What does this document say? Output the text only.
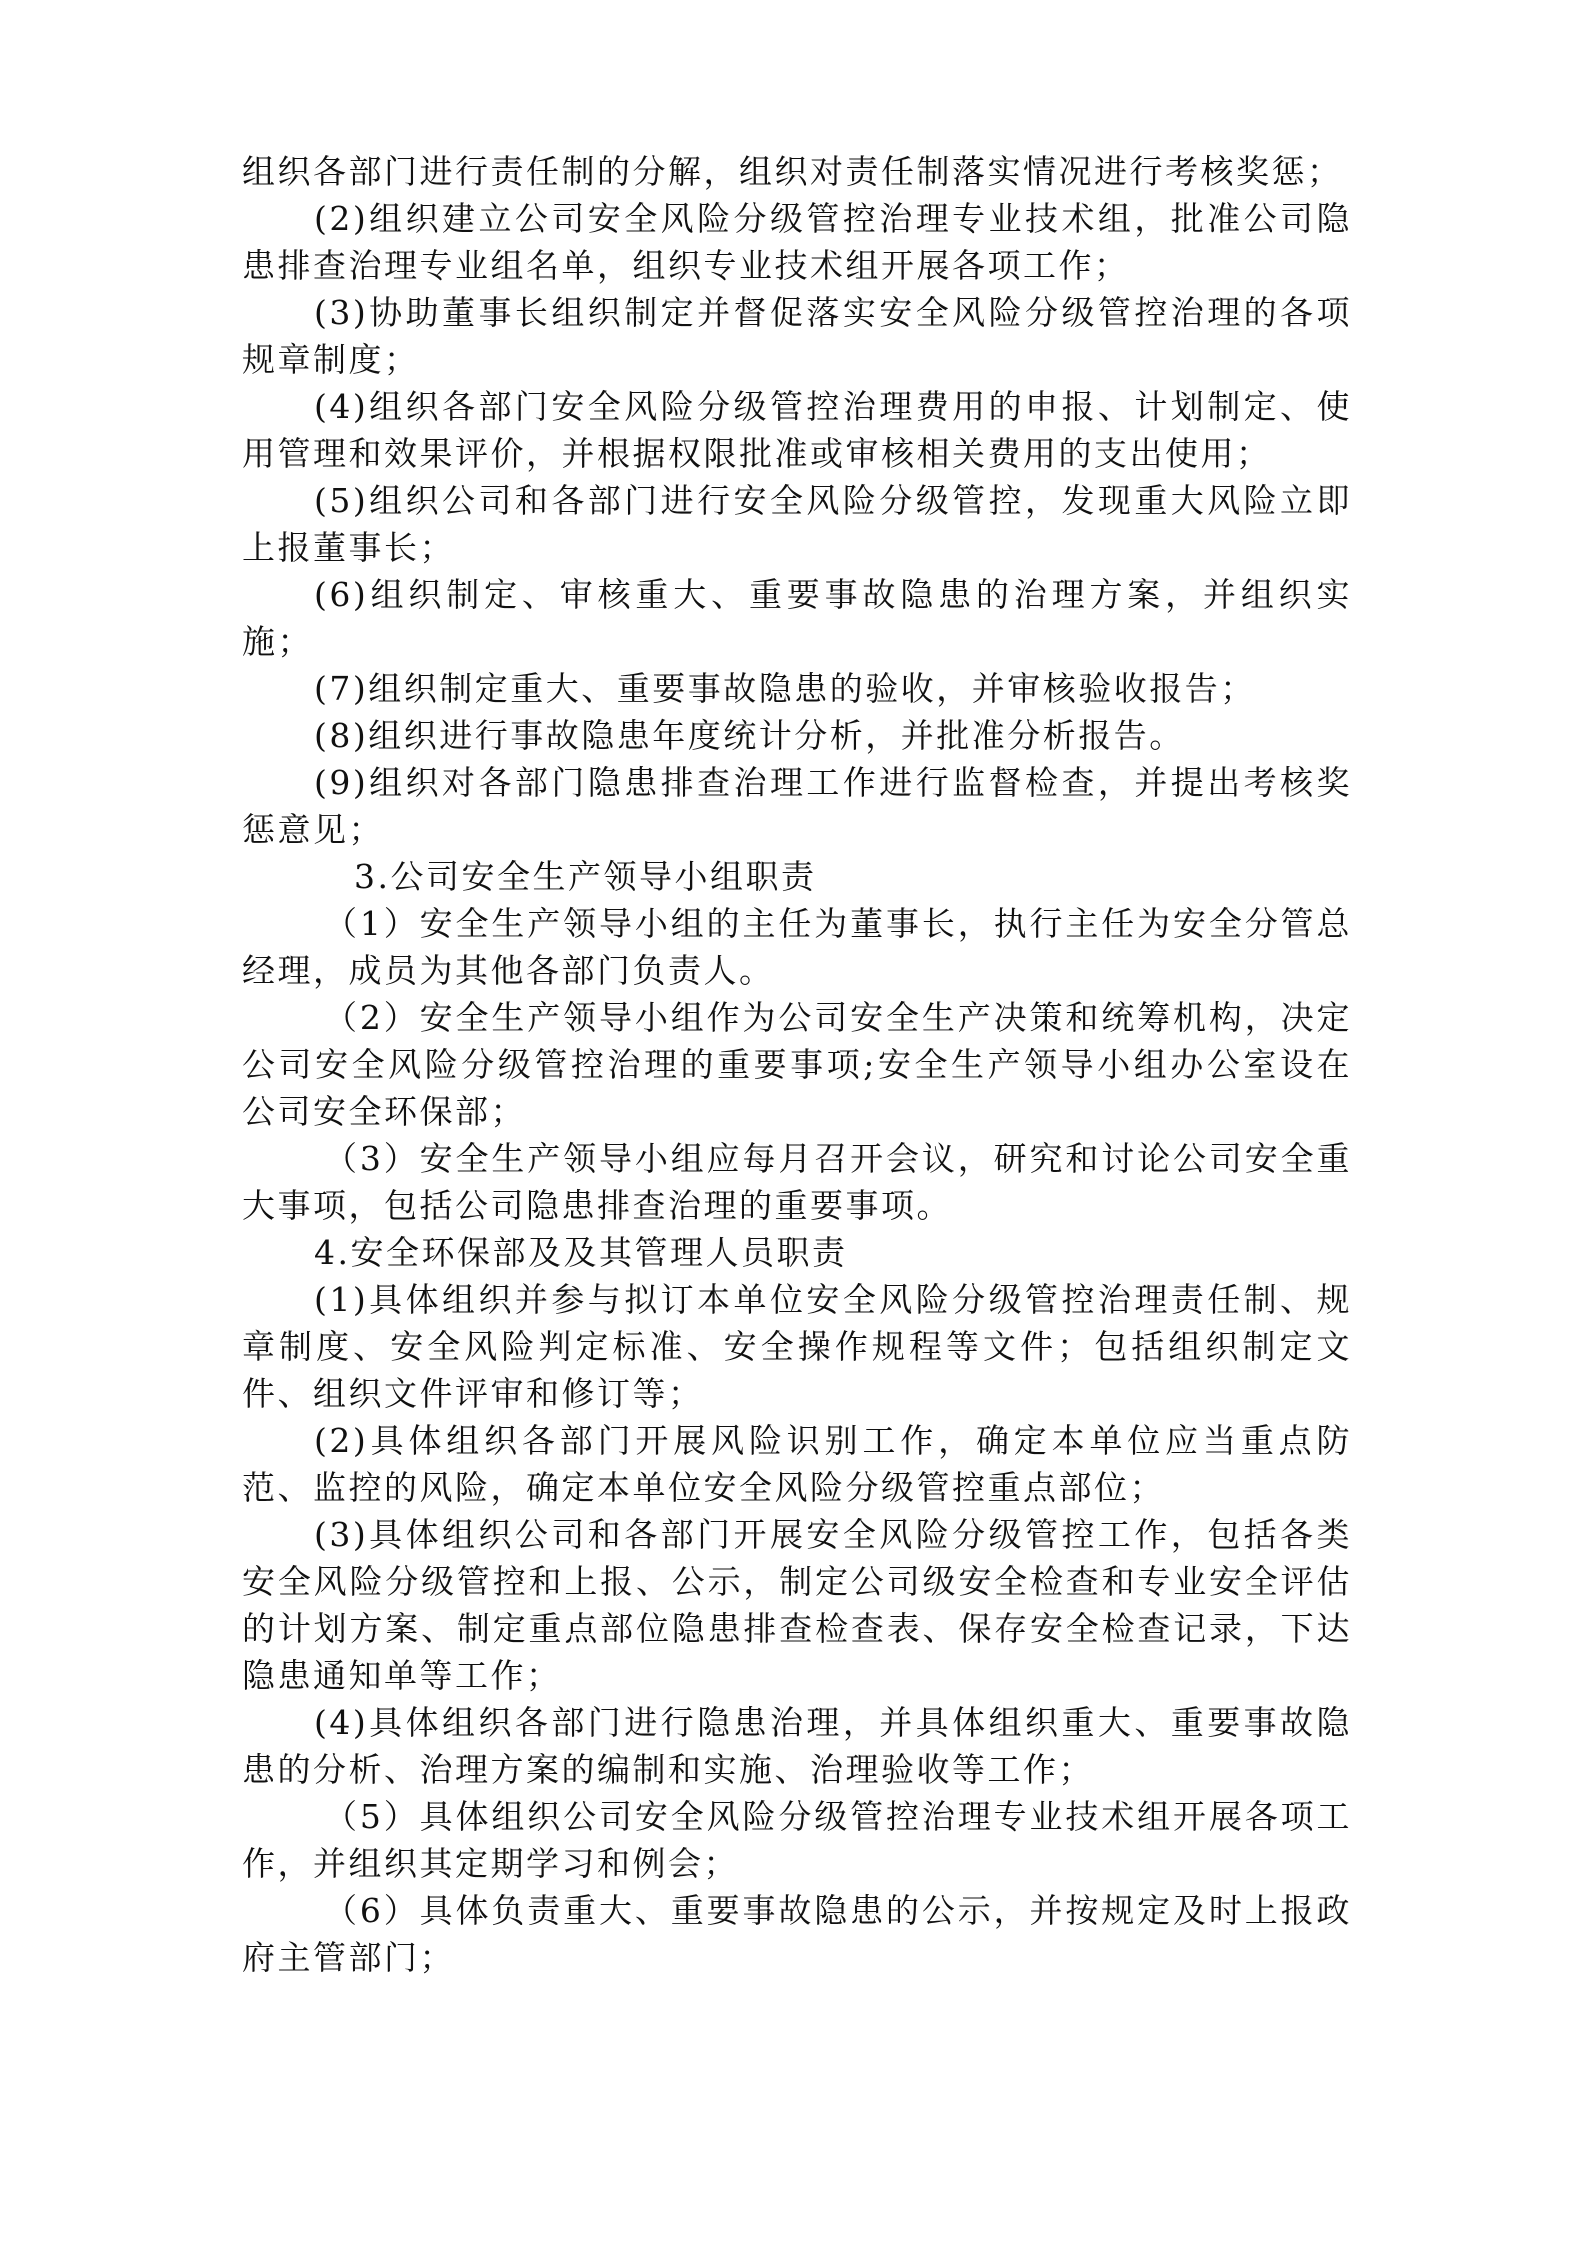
组织各部门进行责任制的分解，组织对责任制落实情况进行考核奖惩；

(2)组织建立公司安全风险分级管控治理专业技术组，批准公司隐患排查治理专业组名单，组织专业技术组开展各项工作；

(3)协助董事长组织制定并督促落实安全风险分级管控治理的各项规章制度；

(4)组织各部门安全风险分级管控治理费用的申报、计划制定、使用管理和效果评价，并根据权限批准或审核相关费用的支出使用；

(5)组织公司和各部门进行安全风险分级管控，发现重大风险立即上报董事长；

(6)组织制定、审核重大、重要事故隐患的治理方案，并组织实施；

(7)组织制定重大、重要事故隐患的验收，并审核验收报告；

(8)组织进行事故隐患年度统计分析，并批准分析报告。

(9)组织对各部门隐患排查治理工作进行监督检查，并提出考核奖惩意见；

3.公司安全生产领导小组职责

（1）安全生产领导小组的主任为董事长，执行主任为安全分管总经理，成员为其他各部门负责人。

（2）安全生产领导小组作为公司安全生产决策和统筹机构，决定公司安全风险分级管控治理的重要事项;安全生产领导小组办公室设在公司安全环保部；

（3）安全生产领导小组应每月召开会议，研究和讨论公司安全重大事项，包括公司隐患排查治理的重要事项。

4.安全环保部及及其管理人员职责

(1)具体组织并参与拟订本单位安全风险分级管控治理责任制、规章制度、安全风险判定标准、安全操作规程等文件；包括组织制定文件、组织文件评审和修订等；

(2)具体组织各部门开展风险识别工作，确定本单位应当重点防范、监控的风险，确定本单位安全风险分级管控重点部位；

(3)具体组织公司和各部门开展安全风险分级管控工作，包括各类安全风险分级管控和上报、公示，制定公司级安全检查和专业安全评估的计划方案、制定重点部位隐患排查检查表、保存安全检查记录，下达隐患通知单等工作；

(4)具体组织各部门进行隐患治理，并具体组织重大、重要事故隐患的分析、治理方案的编制和实施、治理验收等工作；

（5）具体组织公司安全风险分级管控治理专业技术组开展各项工作，并组织其定期学习和例会；

（6）具体负责重大、重要事故隐患的公示，并按规定及时上报政府主管部门；
